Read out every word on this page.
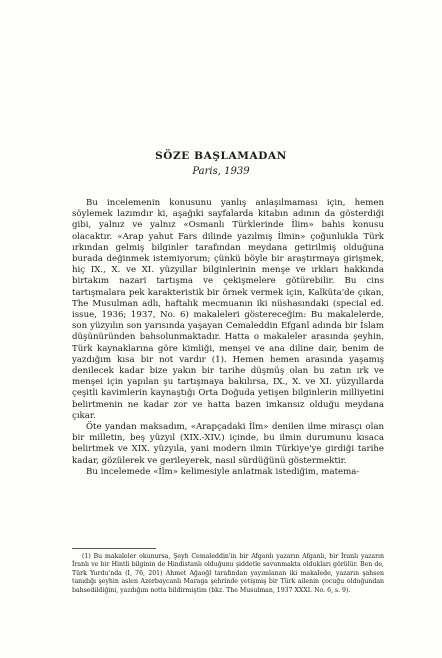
SÖZE BAŞLAMADAN
Paris, 1939

Bu incelemenin konusunu yanlış anlaşılmaması için, hemen söylemek lazımdır ki, aşağıki sayfalarda kitabın adının da gösterdiği gibi, yalnız ve yalnız «Osmanlı Türklerinde İlim» bahis konusu olacaktır. «Arap yahut Fars dilinde yazılmış İlmin» çoğunlukla Türk ırkından gelmiş bilginler tarafından meydana getirilmiş olduğuna burada değinmek istemiyorum; çünkü böyle bir araştırmaya girişmek, hiç IX., X. ve XI. yüzyıllar bilginlerinin menşe ve ırkları hakkında birtakım nazari tartışma ve çekişmelere götürebilir. Bu cins tartışmalara pek karakteristik bir örnek vermek için, Kalküta'de çıkan, The Musulman adlı, haftalık mecmuanın iki nüshasındaki (special ed. issue, 1936; 1937, No. 6) makaleleri göstereceğim: Bu makalelerde, son yüzyılın son yarısında yaşayan Cemaleddin Efganî adında bir İslam düşünüründen bahsolunmaktadır. Hatta o makaleler arasında şeyhin, Türk kaynaklarına göre kimliği, menşei ve ana diline dair, benim de yazdığım kısa bir not vardır (1). Hemen hemen arasında yaşamış denilecek kadar bize yakın bir tarihe düşmüş olan bu zatın ırk ve menşei için yapılan şu tartışmaya bakılırsa, IX., X. ve XI. yüzyıllarda çeşitli kavimlerin kaynaştığı Orta Doğuda yetişen bilginlerin milliyetini belirtmenin ne kadar zor ve hatta bazen imkansız olduğu meydana çıkar.

Öte yandan maksadım, «Arapçadaki İlm» denilen ilme mirasçı olan bir milletin, beş yüzyıl (XIX.-XIV.) içinde, bu ilmin durumunu kısaca belirtmek ve XIX. yüzyıla, yani modern ilmin Türkiye'ye girdiği tarihe kadar, gözülerek ve gerileyerek, nasıl sürdüğünü göstermektir.

Bu incelemede «İlm» kelimesiyle anlatmak istediğim, matema-

(1) Bu makaleler okunursa, Şeyh Cemaleddin'in bir Afganlı yazarın Afganlı, bir İranlı yazarın İranlı ve bir Hintli bilginin de Hindistanlı olduğunu şiddetle savunmakta oldukları görülür. Ben de, Türk Yurdu'nda (I, 76, 201) Ahmet Ağaoğl tarafından yayımlanan iki makalede, yazarın şahsen tanıdığı şeyhin aslen Azerbaycanlı Maraga şehrinde yetişmiş bir Türk ailenin çocuğu olduğundan bahsedildiğini, yazdığım notta bildirmiştim (bkz. The Musulman, 1937 XXXI. No. 6, s. 9).
